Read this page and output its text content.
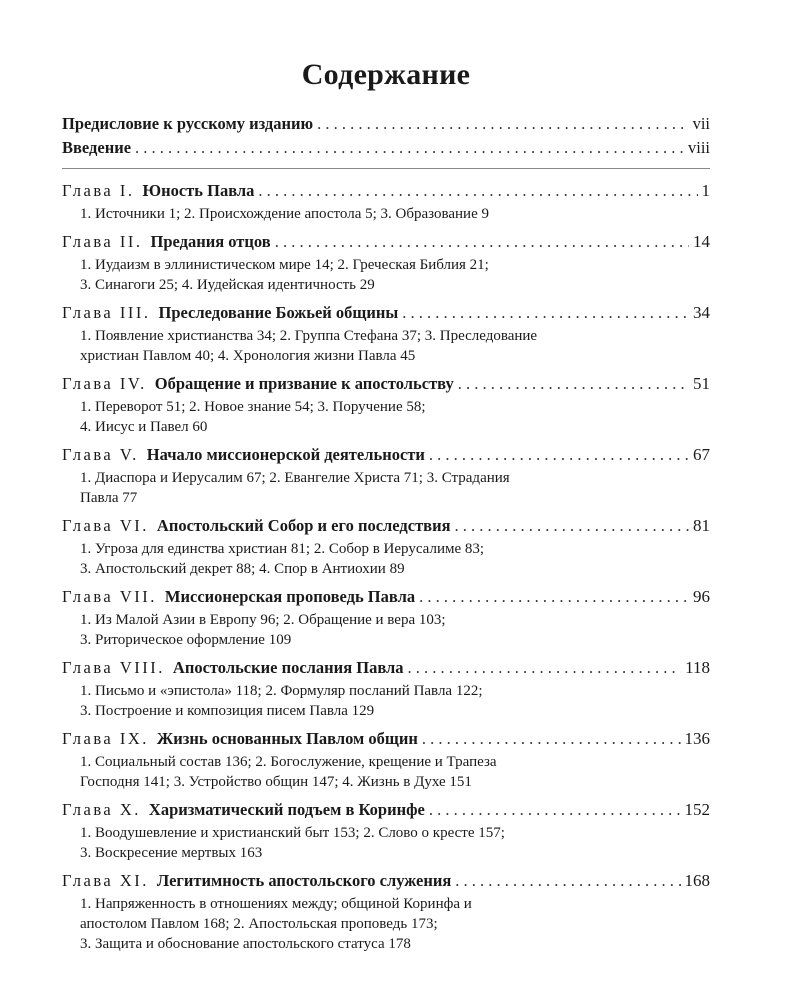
Содержание
Предисловие к русскому изданию . . .	vii
Введение . . .	viii
Глава I. Юность Павла . . .	1
1. Источники 1; 2. Происхождение апостола 5; 3. Образование 9
Глава II. Предания отцов . . .	14
1. Иудаизм в эллинистическом мире 14; 2. Греческая Библия 21;
3. Синагоги 25; 4. Иудейская идентичность 29
Глава III. Преследование Божьей общины . . .	34
1. Появление христианства 34; 2. Группа Стефана 37; 3. Преследование
христиан Павлом 40; 4. Хронология жизни Павла 45
Глава IV. Обращение и призвание к апостольству . . .	51
1. Переворот 51; 2. Новое знание 54; 3. Поручение 58;
4. Иисус и Павел 60
Глава V. Начало миссионерской деятельности . . .	67
1. Диаспора и Иерусалим 67; 2. Евангелие Христа 71; 3. Страдания
Павла 77
Глава VI. Апостольский Собор и его последствия . . .	81
1. Угроза для единства христиан 81; 2. Собор в Иерусалиме 83;
3. Апостольский декрет 88; 4. Спор в Антиохии 89
Глава VII. Миссионерская проповедь Павла . . .	96
1. Из Малой Азии в Европу 96; 2. Обращение и вера 103;
3. Риторическое оформление 109
Глава VIII. Апостольские послания Павла . . .	118
1. Письмо и «эпистола» 118; 2. Формуляр посланий Павла 122;
3. Построение и композиция писем Павла 129
Глава IX. Жизнь основанных Павлом общин . . .	136
1. Социальный состав 136; 2. Богослужение, крещение и Трапеза
Господня 141; 3. Устройство общин 147; 4. Жизнь в Духе 151
Глава X. Харизматический подъем в Коринфе . . .	152
1. Воодушевление и христианский быт 153; 2. Слово о кресте 157;
3. Воскресение мертвых 163
Глава XI. Легитимность апостольского служения . . .	168
1. Напряженность в отношениях между; общиной Коринфа и
апостолом Павлом 168; 2. Апостольская проповедь 173;
3. Защита и обоснование апостольского статуса 178
